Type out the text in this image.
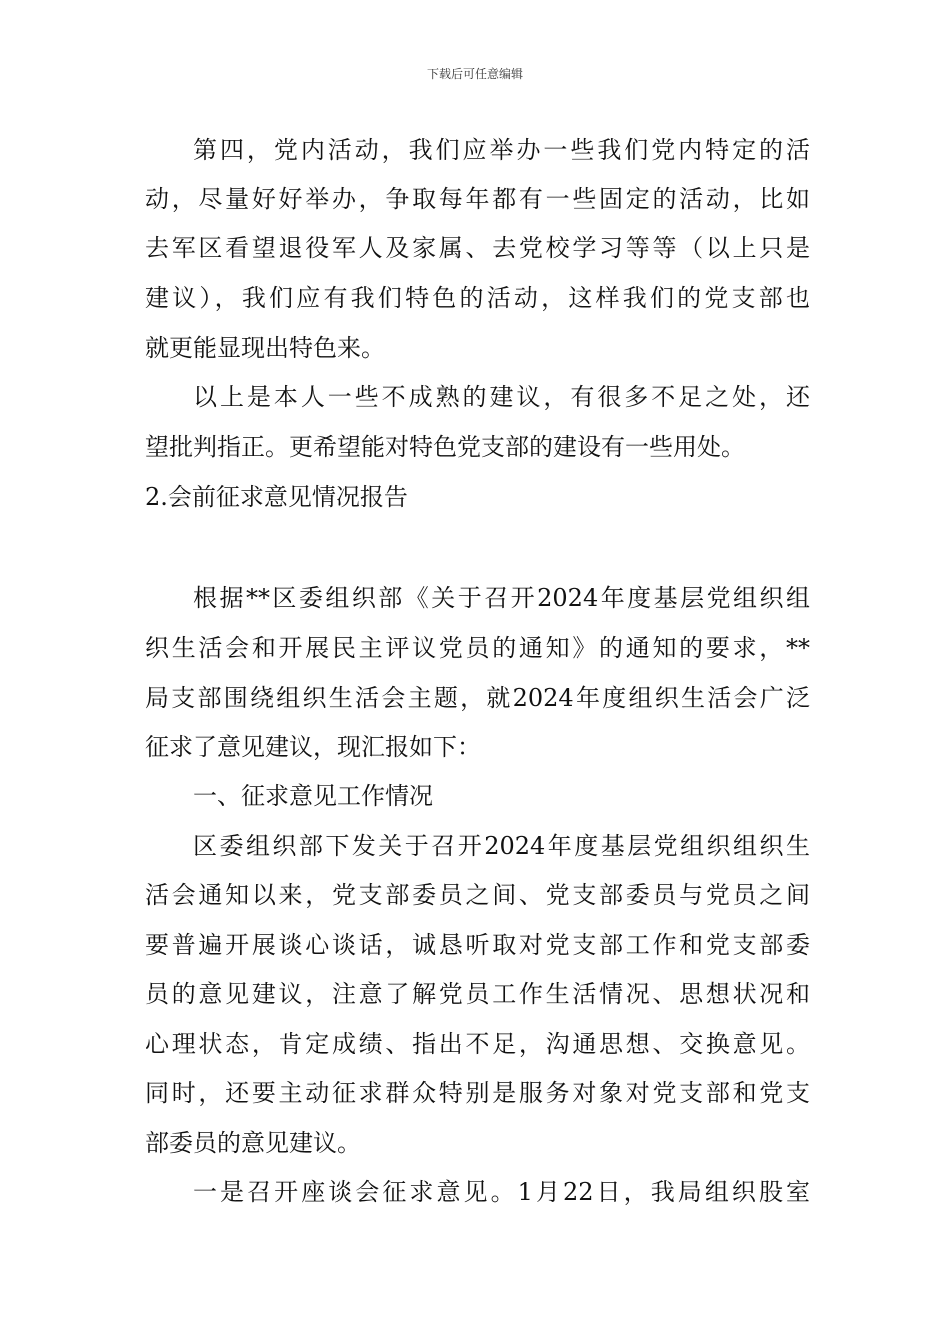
下载后可任意编辑
第四，党内活动，我们应举办一些我们党内特定的活
动，尽量好好举办，争取每年都有一些固定的活动，比如
去军区看望退役军人及家属、去党校学习等等（以上只是
建议），我们应有我们特色的活动，这样我们的党支部也
就更能显现出特色来。
以上是本人一些不成熟的建议，有很多不足之处，还
望批判指正。更希望能对特色党支部的建设有一些用处。
2.会前征求意见情况报告
根据**区委组织部《关于召开2024年度基层党组织组
织生活会和开展民主评议党员的通知》的通知的要求，**
局支部围绕组织生活会主题，就2024年度组织生活会广泛
征求了意见建议，现汇报如下：
一、征求意见工作情况
区委组织部下发关于召开2024年度基层党组织组织生
活会通知以来，党支部委员之间、党支部委员与党员之间
要普遍开展谈心谈话，诚恳听取对党支部工作和党支部委
员的意见建议，注意了解党员工作生活情况、思想状况和
心理状态，肯定成绩、指出不足，沟通思想、交换意见。
同时，还要主动征求群众特别是服务对象对党支部和党支
部委员的意见建议。
一是召开座谈会征求意见。1月22日，我局组织股室
